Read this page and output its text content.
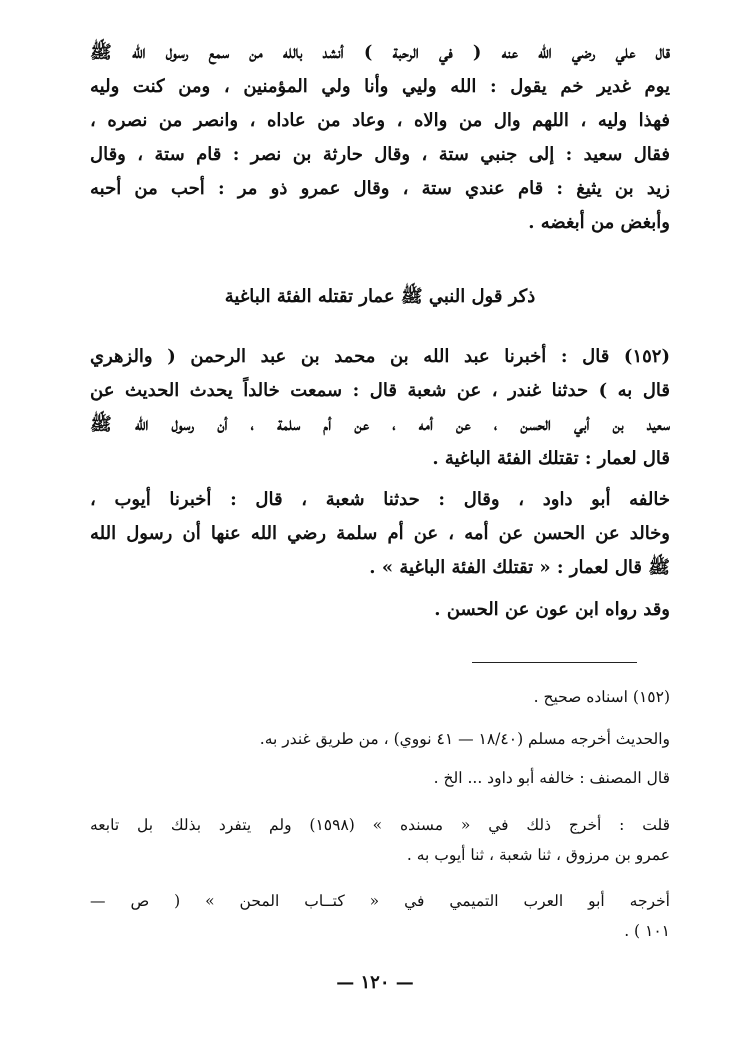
قال علي رضي الله عنه ( في الرحبة ) أنشد بالله من سمع رسول الله ﷺ
يوم غدير خم يقول : الله وليي وأنا ولي المؤمنين ، ومن كنت وليه
فهذا وليه ، اللهم وال من والاه ، وعاد من عاداه ، وانصر من نصره ،
فقال سعيد : إلى جنبي ستة ، وقال حارثة بن نصر : قام ستة ، وقال
زيد بن يثيغ : قام عندي ستة ، وقال عمرو ذو مر : أحب من أحبه
وأبغض من أبغضه .
ذكر قول النبي ﷺ عمار تقتله الفئة الباغية
(١٥٢) قال : أخبرنا عبد الله بن محمد بن عبد الرحمن ( والزهري
قال به ) حدثنا غندر ، عن شعبة قال : سمعت خالداً يحدث الحديث عن
سعيد بن أبي الحسن ، عن أمه ، عن أم سلمة ، أن رسول الله ﷺ
قال لعمار : تقتلك الفئة الباغية .
خالفه أبو داود ، وقال : حدثنا شعبة ، قال : أخبرنا أيوب ،
وخالد عن الحسن عن أمه ، عن أم سلمة رضي الله عنها أن رسول الله
ﷺ قال لعمار : « تقتلك الفئة الباغية » .
وقد رواه ابن عون عن الحسن .
(١٥٢) اسناده صحيح .
والحديث أخرجه مسلم (١٨/٤٠ — ٤١ نووي) ، من طريق غندر به.
قال المصنف : خالفه أبو داود ... الخ .
قلت : أخرج ذلك في « مسنده » (١٥٩٨) ولم يتفرد بذلك بل تابعه
عمرو بن مرزوق ، ثنا شعبة ، ثنا أيوب به .
أخرجه أبو العرب التميمي في « كتــاب المحن » ( ص —
١٠١ ) .
— ١٢٠ —
